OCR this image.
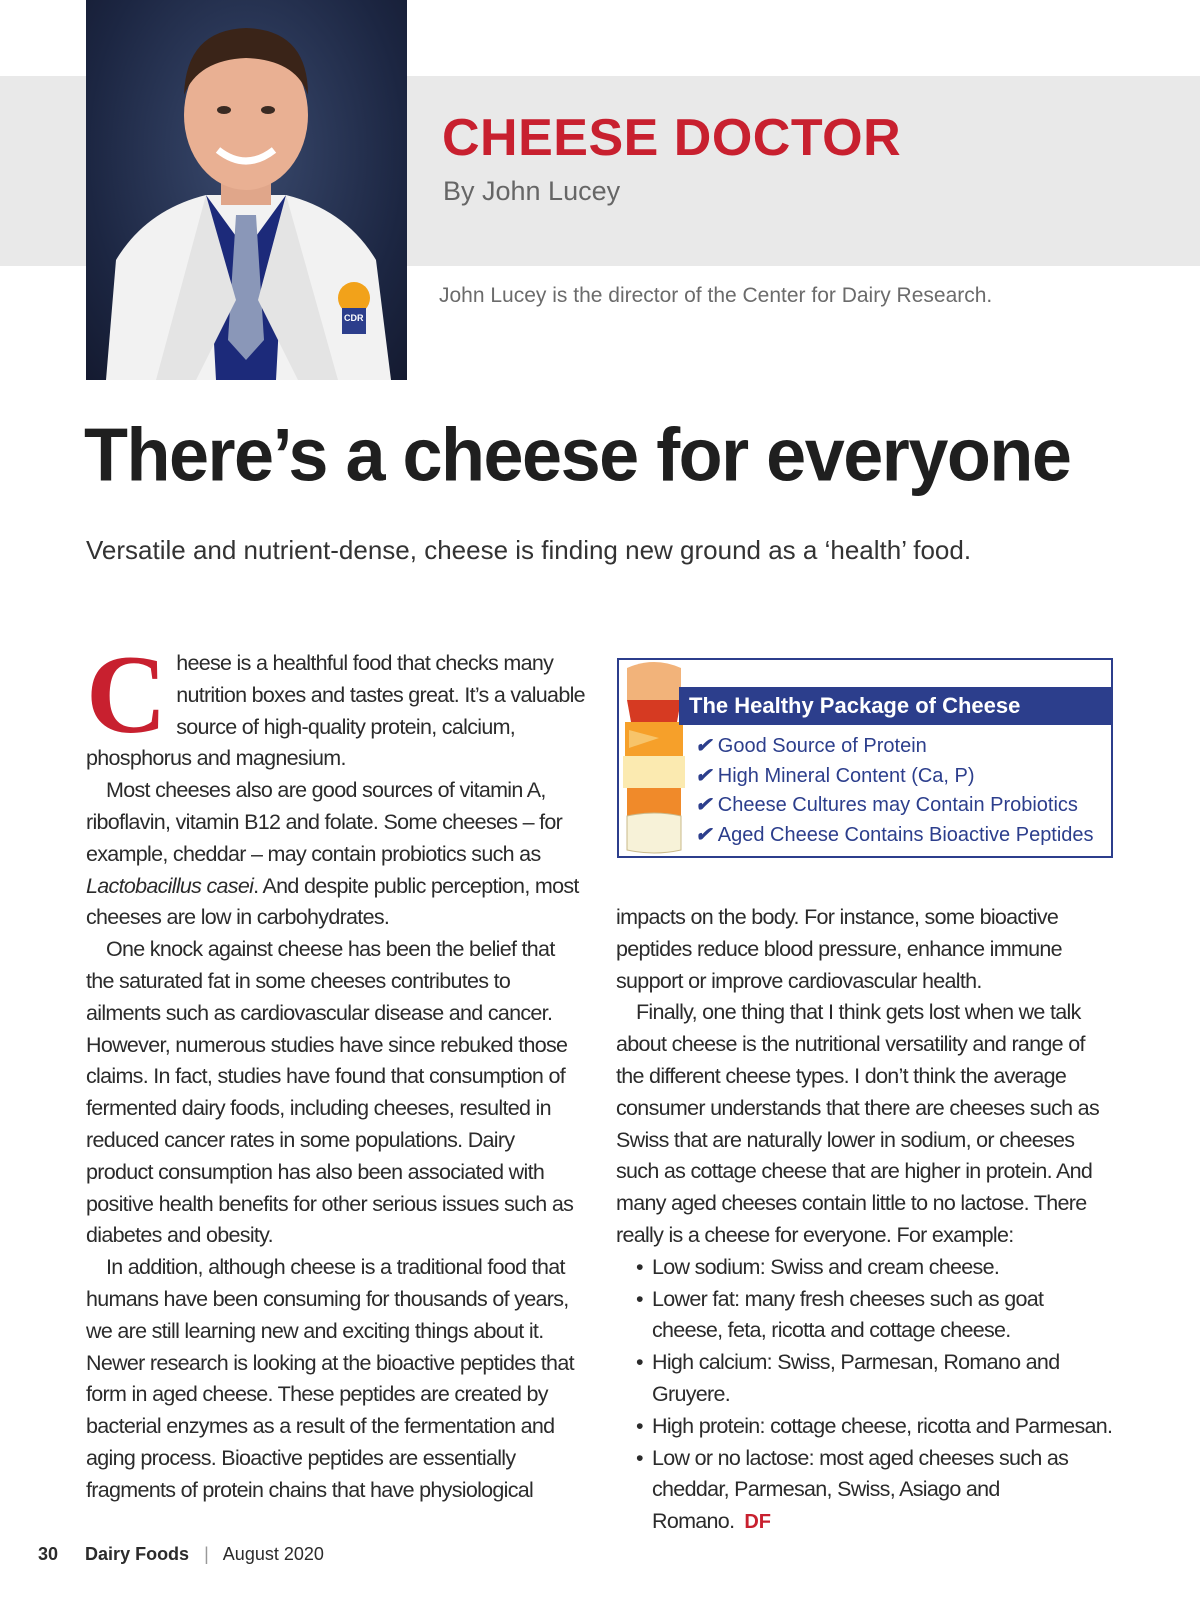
CDR
CHEESE DOCTOR
By John Lucey
John Lucey is the director of the Center for Dairy Research.
There’s a cheese for everyone
Versatile and nutrient-dense, cheese is finding new ground as a ‘health’ food.

Cheese is a healthful food that checks many nutrition boxes and tastes great. It’s a valuable source of high-quality protein, calcium, phosphorus and magnesium.

Most cheeses also are good sources of vitamin A, riboflavin, vitamin B12 and folate. Some cheeses – for example, cheddar – may contain probiotics such as Lactobacillus casei. And despite public perception, most cheeses are low in carbohydrates.

One knock against cheese has been the belief that the saturated fat in some cheeses contributes to ailments such as cardiovascular disease and cancer. However, numerous studies have since rebuked those claims. In fact, studies have found that consumption of fermented dairy foods, including cheeses, resulted in reduced cancer rates in some populations. Dairy product consumption has also been associated with positive health benefits for other serious issues such as diabetes and obesity.

In addition, although cheese is a traditional food that humans have been consuming for thousands of years, we are still learning new and exciting things about it. Newer research is looking at the bioactive peptides that form in aged cheese. These peptides are created by bacterial enzymes as a result of the fermentation and aging process. Bioactive peptides are essentially fragments of protein chains that have physiological

The Healthy Package of Cheese
✔ Good Source of Protein
✔ High Mineral Content (Ca, P)
✔ Cheese Cultures may Contain Probiotics
✔ Aged Cheese Contains Bioactive Peptides

impacts on the body. For instance, some bioactive peptides reduce blood pressure, enhance immune support or improve cardiovascular health.

Finally, one thing that I think gets lost when we talk about cheese is the nutritional versatility and range of the different cheese types. I don’t think the average consumer understands that there are cheeses such as Swiss that are naturally lower in sodium, or cheeses such as cottage cheese that are higher in protein. And many aged cheeses contain little to no lactose. There really is a cheese for everyone. For example:

• Low sodium: Swiss and cream cheese.
• Lower fat: many fresh cheeses such as goat cheese, feta, ricotta and cottage cheese.
• High calcium: Swiss, Parmesan, Romano and Gruyere.
• High protein: cottage cheese, ricotta and Parmesan.
• Low or no lactose: most aged cheeses such as cheddar, Parmesan, Swiss, Asiago and Romano. DF
30 Dairy Foods | August 2020
